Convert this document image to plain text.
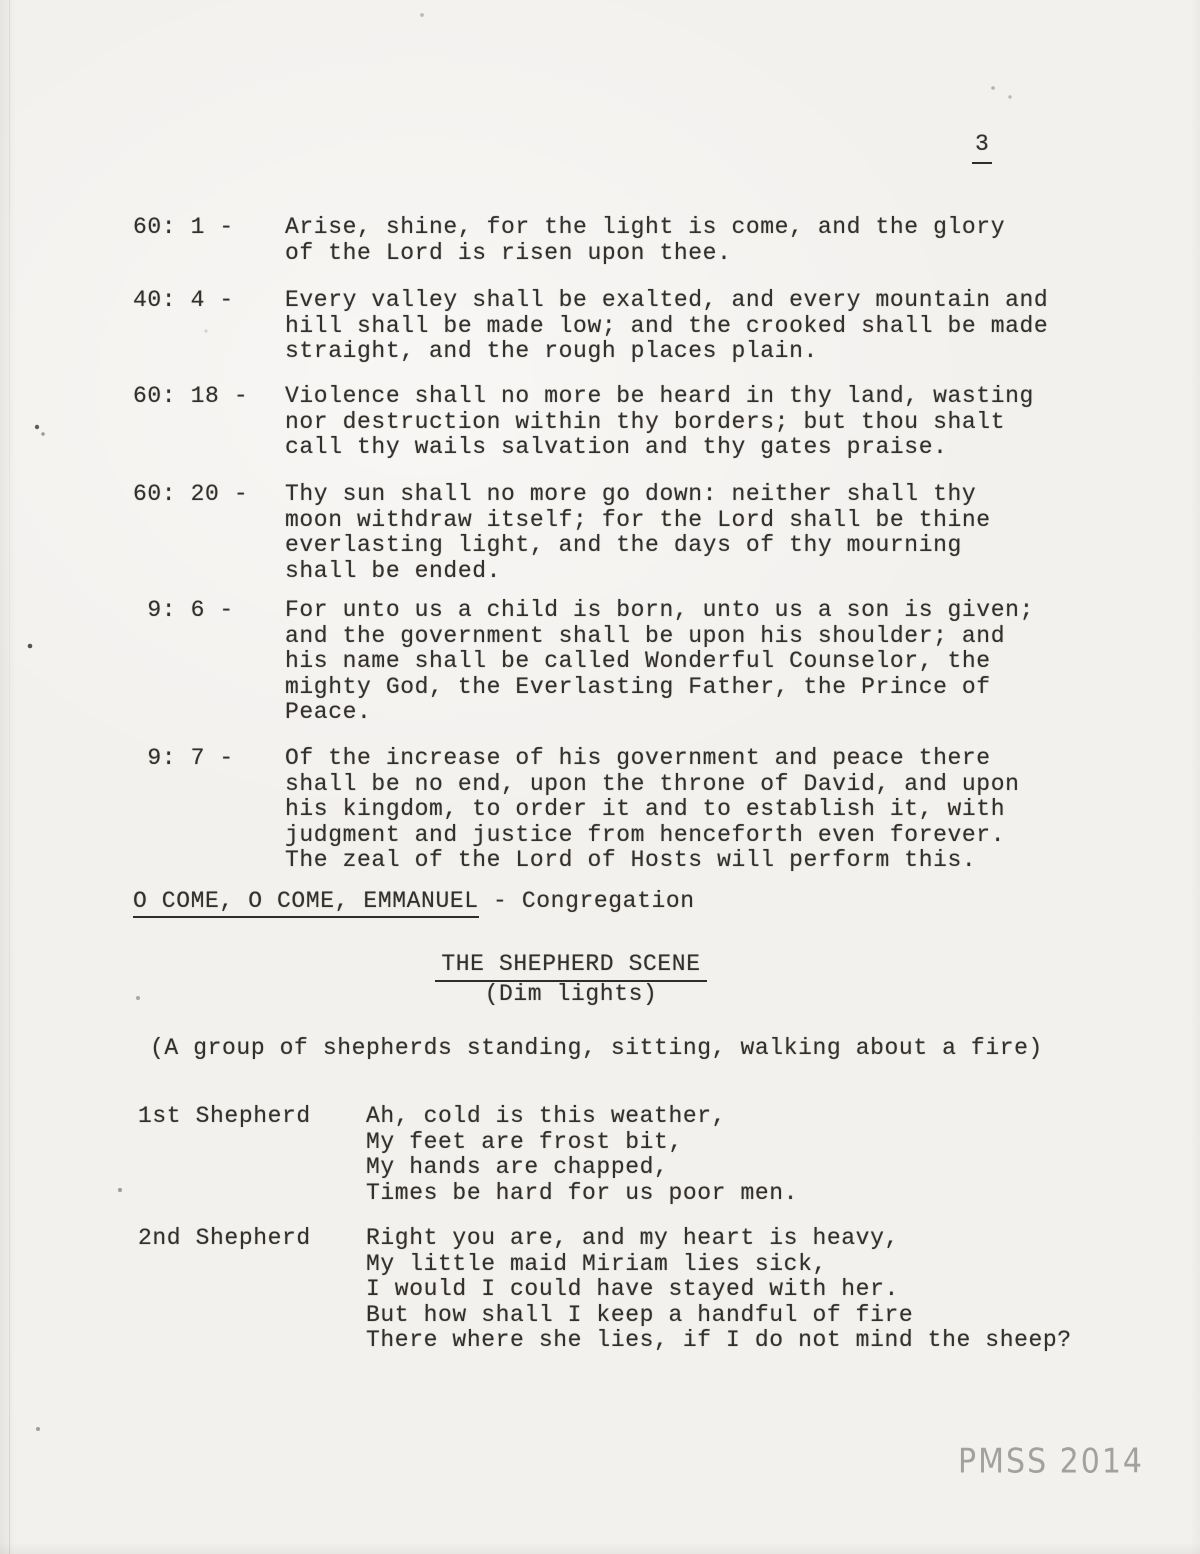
3
60: 1 -	Arise, shine, for the light is come, and the glory
of the Lord is risen upon thee.
40: 4 -	Every valley shall be exalted, and every mountain and
hill shall be made low; and the crooked shall be made
straight, and the rough places plain.
60: 18 -	Violence shall no more be heard in thy land, wasting
nor destruction within thy borders; but thou shalt
call thy wails salvation and thy gates praise.
60: 20 -	Thy sun shall no more go down: neither shall thy
moon withdraw itself; for the Lord shall be thine
everlasting light, and the days of thy mourning
shall be ended.
9: 6 -	For unto us a child is born, unto us a son is given;
and the government shall be upon his shoulder; and
his name shall be called Wonderful Counselor, the
mighty God, the Everlasting Father, the Prince of
Peace.
9: 7 -	Of the increase of his government and peace there
shall be no end, upon the throne of David, and upon
his kingdom, to order it and to establish it, with
judgment and justice from henceforth even forever.
The zeal of the Lord of Hosts will perform this.
O COME, O COME, EMMANUEL - Congregation
THE SHEPHERD SCENE
(Dim lights)
(A group of shepherds standing, sitting, walking about a fire)
1st Shepherd	Ah, cold is this weather,
My feet are frost bit,
My hands are chapped,
Times be hard for us poor men.
2nd Shepherd	Right you are, and my heart is heavy,
My little maid Miriam lies sick,
I would I could have stayed with her.
But how shall I keep a handful of fire
There where she lies, if I do not mind the sheep?
PMSS 2014
